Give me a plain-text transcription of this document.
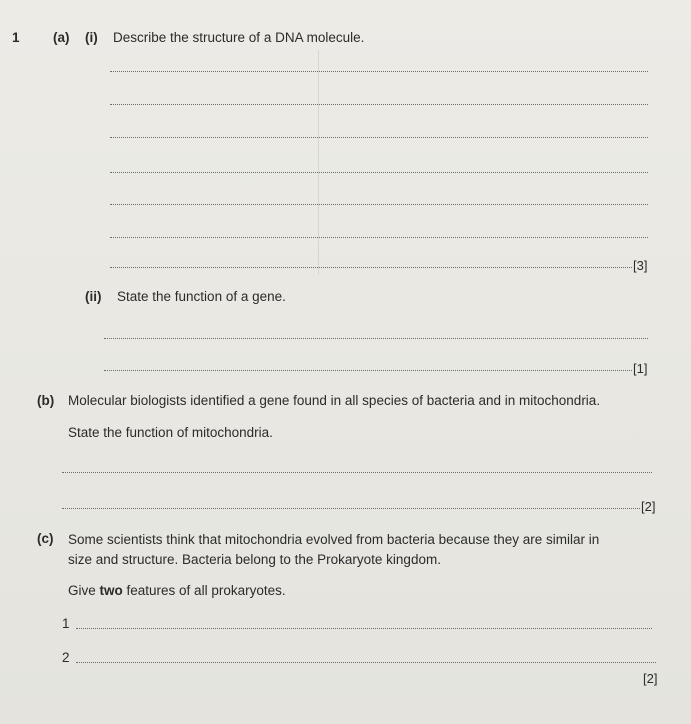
1 (a) (i) Describe the structure of a DNA molecule.
[3]
(ii) State the function of a gene.
[1]
(b) Molecular biologists identified a gene found in all species of bacteria and in mitochondria.
State the function of mitochondria.
[2]
(c) Some scientists think that mitochondria evolved from bacteria because they are similar in
size and structure. Bacteria belong to the Prokaryote kingdom.
Give two features of all prokaryotes.
1
2
[2]
